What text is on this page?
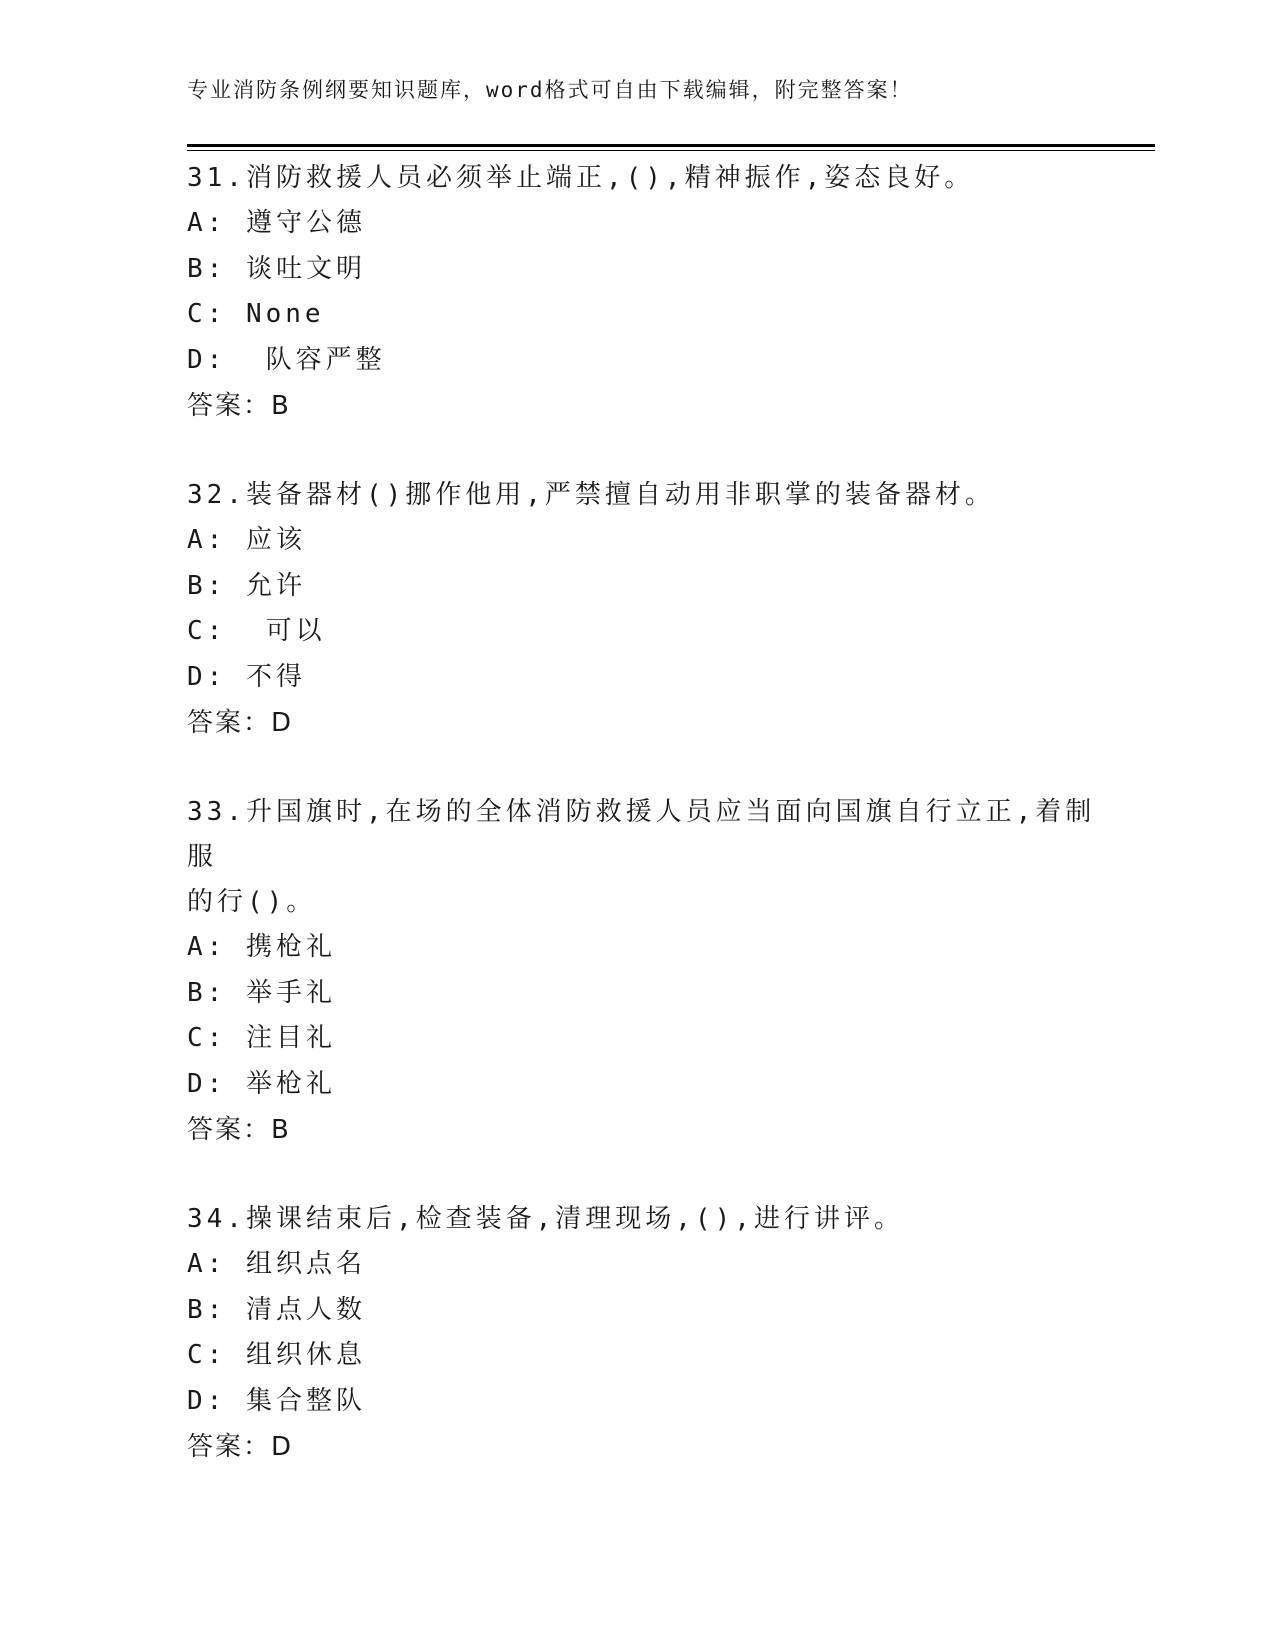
专业消防条例纲要知识题库，word格式可自由下载编辑，附完整答案！
31.消防救援人员必须举止端正,(),精神振作,姿态良好。
A: 遵守公德
B: 谈吐文明
C: None
D:  队容严整
答案：B
32.装备器材()挪作他用,严禁擅自动用非职掌的装备器材。
A: 应该
B: 允许
C:  可以
D: 不得
答案：D
33.升国旗时,在场的全体消防救援人员应当面向国旗自行立正,着制服
的行()。
A: 携枪礼
B: 举手礼
C: 注目礼
D: 举枪礼
答案：B
34.操课结束后,检查装备,清理现场,(),进行讲评。
A: 组织点名
B: 清点人数
C: 组织休息
D: 集合整队
答案：D
